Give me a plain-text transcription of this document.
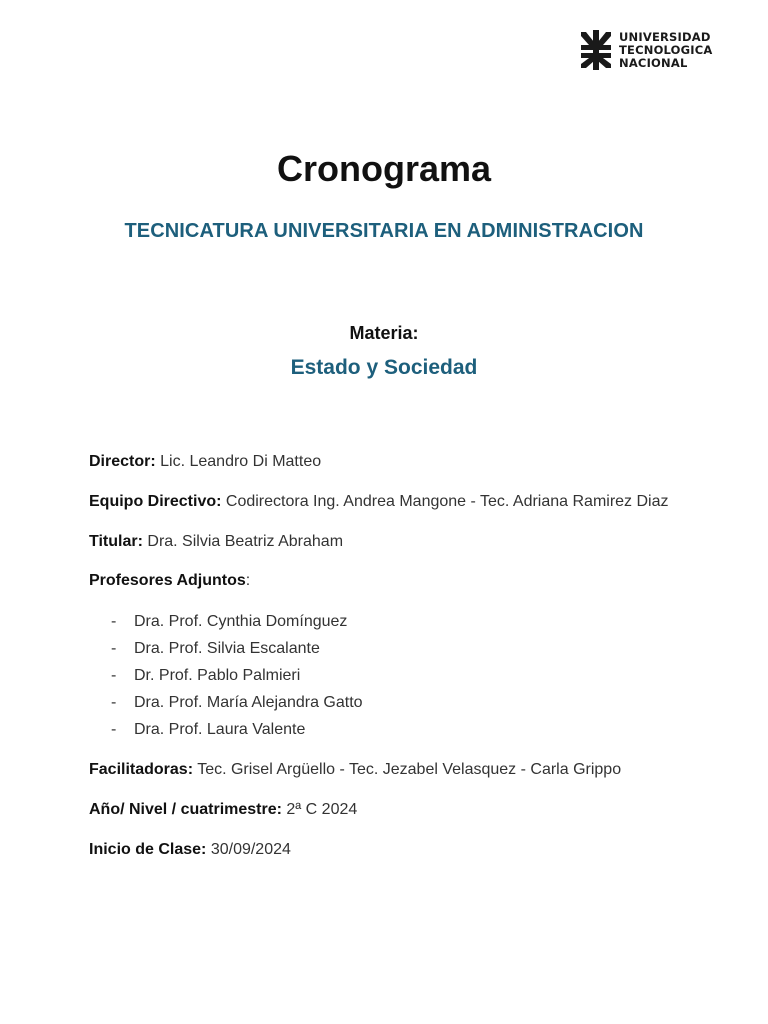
UNIVERSIDAD
TECNOLOGICA
NACIONAL
Cronograma
TECNICATURA UNIVERSITARIA EN ADMINISTRACION
Materia:
Estado y Sociedad
Director: Lic. Leandro Di Matteo
Equipo Directivo: Codirectora Ing. Andrea Mangone - Tec. Adriana Ramirez Diaz
Titular: Dra. Silvia Beatriz Abraham
Profesores Adjuntos:
- Dra. Prof. Cynthia Domínguez
- Dra. Prof. Silvia Escalante
- Dr. Prof. Pablo Palmieri
- Dra. Prof. María Alejandra Gatto
- Dra. Prof. Laura Valente
Facilitadoras: Tec. Grisel Argüello - Tec. Jezabel Velasquez - Carla Grippo
Año/ Nivel / cuatrimestre: 2ª C 2024
Inicio de Clase: 30/09/2024
